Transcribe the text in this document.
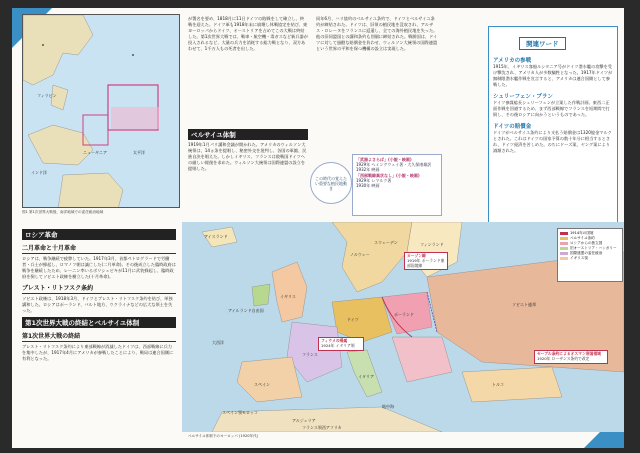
フィリピン
ニューギニア
インド洋
太平洋
図1 第1次世界大戦後、南洋地域での委任統治地域
が署名を要め、1818月に11日ドイツの敗戦をして確立し、終戦を迎えた。ドイツ軍も1918年末に崩壊し休戦協定を結び、東ヨーロッパからドイツ、オーストリアを占めてこの大戦は終結した。第1次世界大戦では、戦車・航空機・毒ガスなど新兵器が投入されるなど、大量の兵力を消耗する総力戦となり、双方あわせて、1千万人もの死者を出した。
ベルサイユ体制
1919年1月パリ講和会議が開かれた。アメリカのウィルソン大統領は、14ヵ条を提唱し、秘密外交を批判し、各国の軍縮、民族自決を唱えた。しかしイギリス、フランスは敗戦国ドイツへの厳しい報復を求めた。ウィルソン大統領は国際連盟の設立を提唱した。
同年6月、ハリ協約のベルサイユ条約で、ドイツとベルサイユ条約が締結された。ドイツは、旧領の植民地を没収され、アルザス・ロレーヌをフランスに返還し、全ての海外植民地を失った。他の旧同盟国との講和条約も別個に締結された。戦勝国は、ドイツに対して過酷な賠償金を負わせ、ウィルソン大統領の国際連盟という世界の平和を保つ機構の設立は実現した。
この時代の覚えたい重要な植民地動き
「武器よさらば」(小説・映画)
1929年 ヘミングウェイ著・大久保康雄訳
1932年 映画
「西部戦線異状なし」(小説・映画)
1929年 レマルク著
1930年 映画
関連ワード
アメリカの参戦
1915年、イギリス客船ルシタニア号がドイツ潜水艦の攻撃を受け撃沈され、アメリカ人が多数犠牲となった。1917年ドイツが無制限潜水艦作戦を宣言すると、アメリカは連合国側として参戦した。
シュリーフェン・プラン
ドイツ参謀総長シュリーフェンが立案した作戦計画。東西二正面作戦を回避するため、まず西部戦線でフランスを短期間で打倒し、その後ロシアに向かうというものであった。
ドイツの賠償金
ドイツがベルサイユ条約により支払う賠償金は1320億金マルクとされた。これはドイツの国家予算の数十年分に相当するとされ、ドイツ経済を苦しめた。のちにドーズ案、ヤング案により減額された。
ロシア革命
二月革命と十月革命
ロシアは、戦争継続で疲弊していた。1917年3月、首都ペトログラードで労働者・兵士が蜂起し、ロマノフ朝は滅亡した(二月革命)。その後成立した臨時政府は戦争を継続したため、レーニン率いるボリシェビキが11月に武装蜂起し、臨時政府を倒してソビエト政権を樹立した(十月革命)。
ブレスト・リトフスク条約
ソビエト政権は、1918年3月、ドイツとブレスト・リトフスク条約を結び、単独講和した。ロシアはポーランド、バルト地方、ウクライナなどの広大な領土を失った。
第1次世界大戦の終結とベルサイユ体制
第1次世界大戦の終結
ブレスト・リトフスク条約により東部戦線が消滅したドイツは、西部戦線に兵力を集中したが、1917年4月にアメリカが参戦したことにより、戦局は連合国側に有利となった。
アイスランド
ノルウェー
スウェーデン	フィンランド
イギリス
アイルランド自由国
ドイツ
ポーランド
フランス
スペイン
イタリア
ソビエト連邦
トルコ
大西洋
地中海
スペイン領モロッコ
アルジェリア
フランス領西アフリカ
カーゾン線
1919年 ポーランド東部国境線
フィウメの帰属
1924年 イタリア領
セーブル条約によるオスマン帝国領域
1920年 ローザンヌ条約で改定
1914年の国境
ベルサイユ条約
ロシアからの独立国
旧オーストリア・ハンガリー
国際連盟の委任統治
イギリス領
ベルサイユ体制下のヨーロッパ (1920年代)
